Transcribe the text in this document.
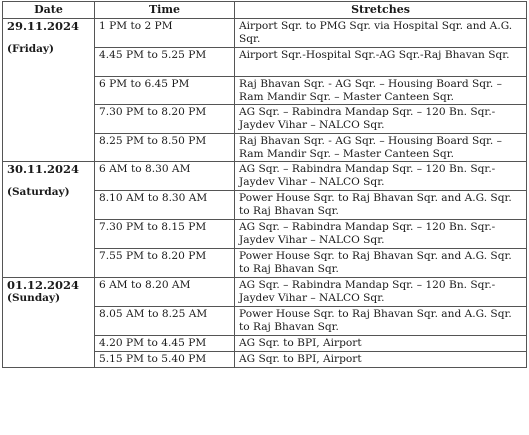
Date	Time	Stretches

29.11.2024
(Friday)	1 PM to 2 PM	Airport Sqr. to PMG Sqr. via Hospital Sqr. and A.G. Sqr.
	4.45 PM to 5.25 PM	Airport Sqr.-Hospital Sqr.-AG Sqr.-Raj Bhavan Sqr.
	6 PM to 6.45 PM	Raj Bhavan Sqr. - AG Sqr. – Housing Board Sqr. – Ram Mandir Sqr. – Master Canteen Sqr.
	7.30 PM to 8.20 PM	AG Sqr. – Rabindra Mandap Sqr. – 120 Bn. Sqr.- Jaydev Vihar – NALCO Sqr.
	8.25 PM to 8.50 PM	Raj Bhavan Sqr. - AG Sqr. – Housing Board Sqr. – Ram Mandir Sqr. – Master Canteen Sqr.

30.11.2024
(Saturday)	6 AM to 8.30 AM	AG Sqr. – Rabindra Mandap Sqr. – 120 Bn. Sqr.- Jaydev Vihar – NALCO Sqr.
	8.10 AM to 8.30 AM	Power House Sqr. to Raj Bhavan Sqr. and A.G. Sqr. to Raj Bhavan Sqr.
	7.30 PM to 8.15 PM	AG Sqr. – Rabindra Mandap Sqr. – 120 Bn. Sqr.- Jaydev Vihar – NALCO Sqr.
	7.55 PM to 8.20 PM	Power House Sqr. to Raj Bhavan Sqr. and A.G. Sqr. to Raj Bhavan Sqr.

01.12.2024
(Sunday)	6 AM to 8.20 AM	AG Sqr. – Rabindra Mandap Sqr. – 120 Bn. Sqr.- Jaydev Vihar – NALCO Sqr.
	8.05 AM to 8.25 AM	Power House Sqr. to Raj Bhavan Sqr. and A.G. Sqr. to Raj Bhavan Sqr.
	4.20 PM to 4.45 PM	AG Sqr. to BPI, Airport
	5.15 PM to 5.40 PM	AG Sqr. to BPI, Airport
